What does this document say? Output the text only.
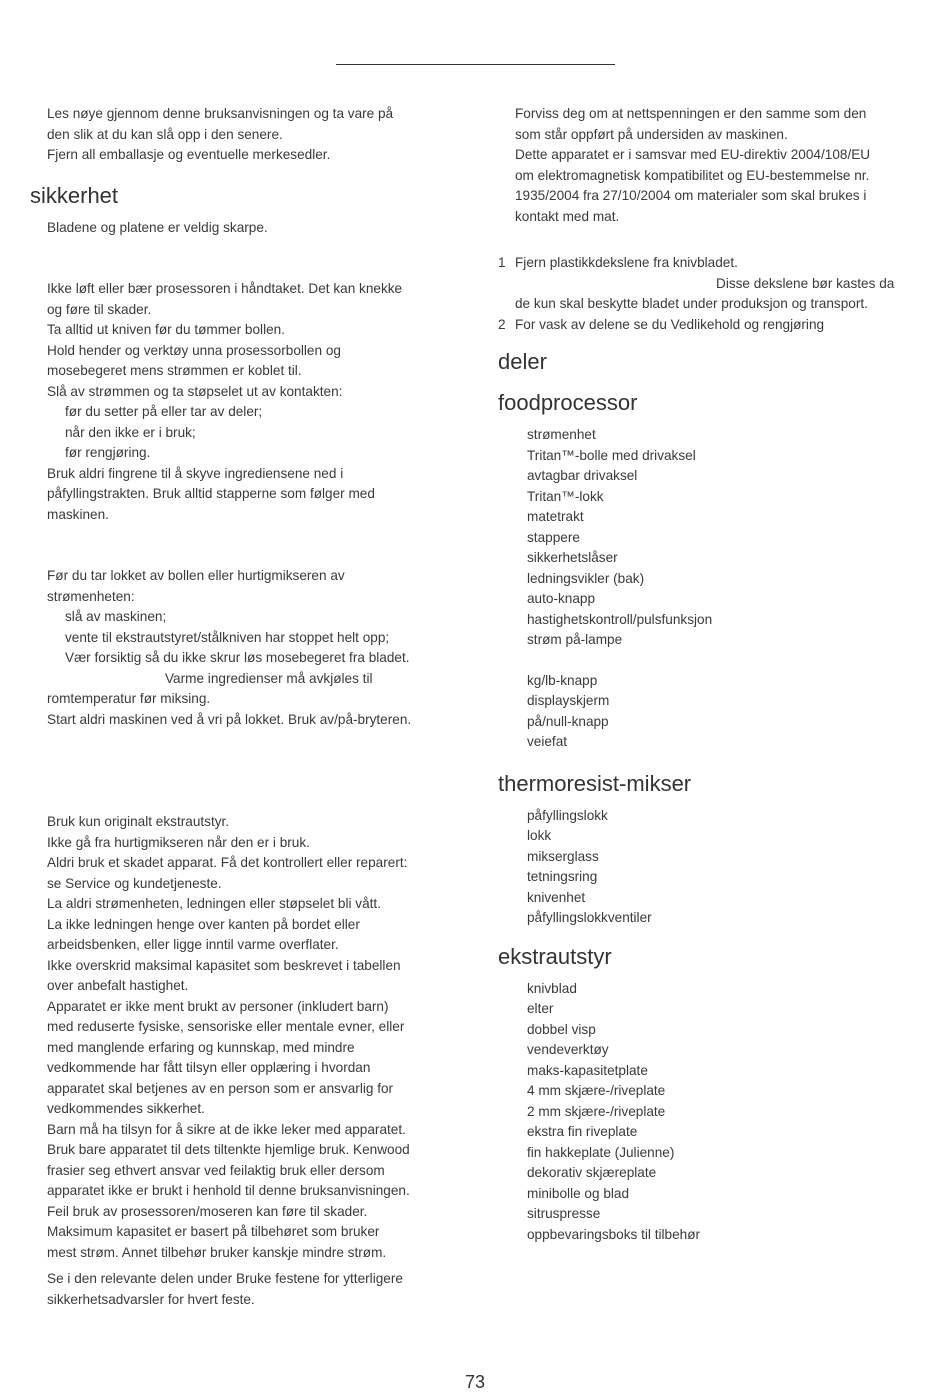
Les nøye gjennom denne bruksanvisningen og ta vare på

den slik at du kan slå opp i den senere.

Fjern all emballasje og eventuelle merkesedler.

sikkerhet

Bladene og platene er veldig skarpe.

Ikke løft eller bær prosessoren i håndtaket. Det kan knekke

og føre til skader.

Ta alltid ut kniven før du tømmer bollen.

Hold hender og verktøy unna prosessorbollen og

mosebegeret mens strømmen er koblet til.

Slå av strømmen og ta støpselet ut av kontakten:

før du setter på eller tar av deler;

når den ikke er i bruk;

før rengjøring.

Bruk aldri fingrene til å skyve ingrediensene ned i

påfyllingstrakten. Bruk alltid stapperne som følger med

maskinen.

Før du tar lokket av bollen eller hurtigmikseren av

strømenheten:

slå av maskinen;

vente til ekstrautstyret/stålkniven har stoppet helt opp;

Vær forsiktig så du ikke skrur løs mosebegeret fra bladet.

Varme ingredienser må avkjøles til

romtemperatur før miksing.

Start aldri maskinen ved å vri på lokket. Bruk av/på-bryteren.

Bruk kun originalt ekstrautstyr.

Ikke gå fra hurtigmikseren når den er i bruk.

Aldri bruk et skadet apparat. Få det kontrollert eller reparert:

se Service og kundetjeneste.

La aldri strømenheten, ledningen eller støpselet bli vått.

La ikke ledningen henge over kanten på bordet eller

arbeidsbenken, eller ligge inntil varme overflater.

Ikke overskrid maksimal kapasitet som beskrevet i tabellen

over anbefalt hastighet.

Apparatet er ikke ment brukt av personer (inkludert barn)

med reduserte fysiske, sensoriske eller mentale evner, eller

med manglende erfaring og kunnskap, med mindre

vedkommende har fått tilsyn eller opplæring i hvordan

apparatet skal betjenes av en person som er ansvarlig for

vedkommendes sikkerhet.

Barn må ha tilsyn for å sikre at de ikke leker med apparatet.

Bruk bare apparatet til dets tiltenkte hjemlige bruk. Kenwood

frasier seg ethvert ansvar ved feilaktig bruk eller dersom

apparatet ikke er brukt i henhold til denne bruksanvisningen.

Feil bruk av prosessoren/moseren kan føre til skader.

Maksimum kapasitet er basert på tilbehøret som bruker

mest strøm. Annet tilbehør bruker kanskje mindre strøm.

Se i den relevante delen under Bruke festene for ytterligere

sikkerhetsadvarsler for hvert feste.

Forviss deg om at nettspenningen er den samme som den

som står oppført på undersiden av maskinen.

Dette apparatet er i samsvar med EU-direktiv 2004/108/EU

om elektromagnetisk kompatibilitet og EU-bestemmelse nr.

1935/2004 fra 27/10/2004 om materialer som skal brukes i

kontakt med mat.

1 Fjern plastikkdekslene fra knivbladet.
Disse dekslene bør kastes da
de kun skal beskytte bladet under produksjon og transport.
2 For vask av delene se du Vedlikehold og rengjøring
deler
foodprocessor
strømenhet
Tritan™-bolle med drivaksel
avtagbar drivaksel
Tritan™-lokk
matetrakt
stappere
sikkerhetslåser
ledningsvikler (bak)
auto-knapp
hastighetskontroll/pulsfunksjon
strøm på-lampe
kg/lb-knapp
displayskjerm
på/null-knapp
veiefat
thermoresist-mikser
påfyllingslokk
lokk
mikserglass
tetningsring
knivenhet
påfyllingslokkventiler
ekstrautstyr
knivblad
elter
dobbel visp
vendeverktøy
maks-kapasitetplate
4 mm skjære-/riveplate
2 mm skjære-/riveplate
ekstra fin riveplate
fin hakkeplate (Julienne)
dekorativ skjæreplate
minibolle og blad
sitruspresse
oppbevaringsboks til tilbehør
73
